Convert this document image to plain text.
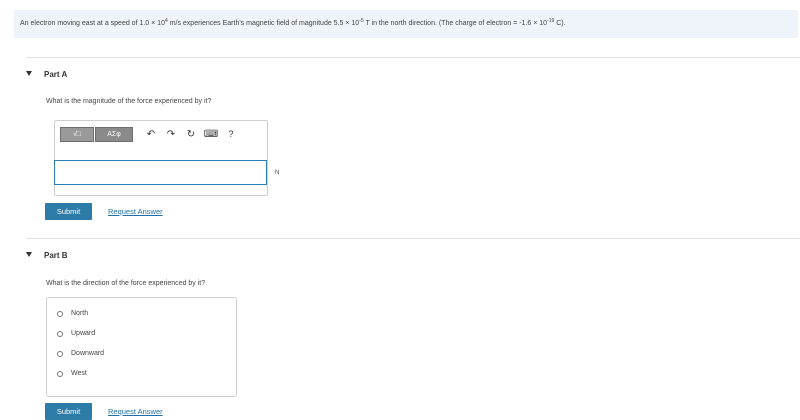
An electron moving east at a speed of $1.0 \times 10^4$ m/s experiences Earth's magnetic field of magnitude $5.5 \times 10^{-5}$ T in the north direction. (The charge of electron = $-1.6 \times 10^{-19}$ C).
Part A
What is the magnitude of the force experienced by it?
√□	ΑΣφ	↶	↷	↻ ⌨	?
N
Submit	Request Answer
Part B
What is the direction of the force experienced by it?
North
Upward
Downward
West
Submit	Request Answer
